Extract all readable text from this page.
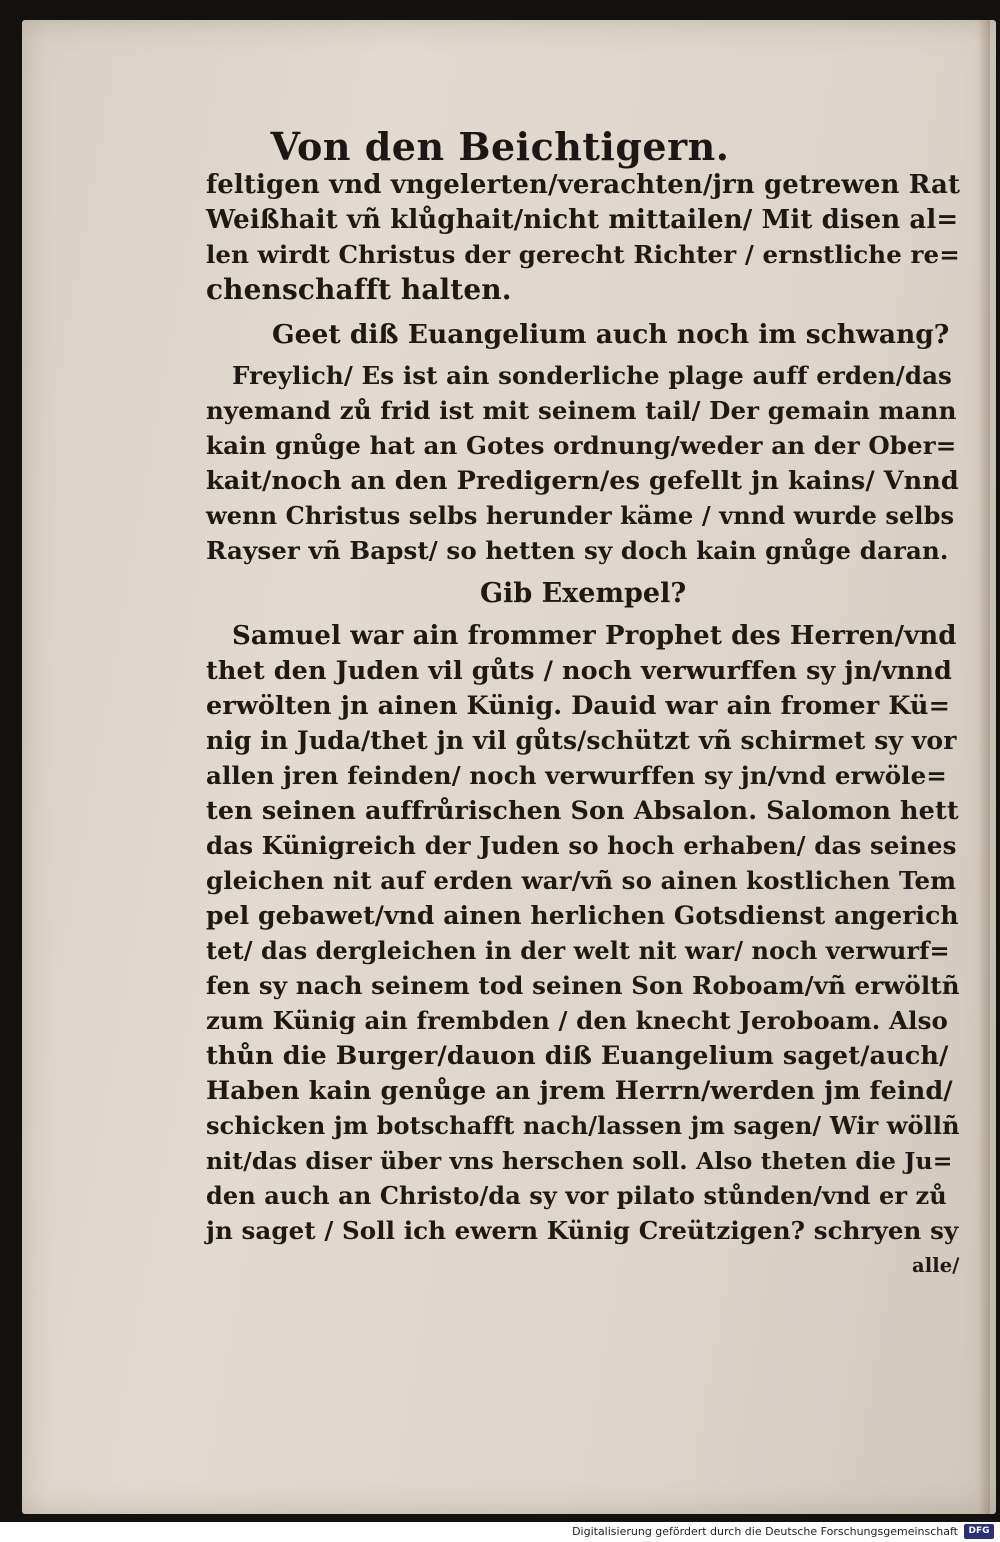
Von den Beichtigern.
feltigen vnd vngelerten/verachten/jrn getrewen Rat
Weißhait vñ klůghait/nicht mittailen/ Mit disen al=
len wirdt Christus der gerecht Richter / ernstliche re=
chenschafft halten.
Geet diß Euangelium auch noch im schwang?
Freylich/ Es ist ain sonderliche plage auff erden/das
nyemand zů frid ist mit seinem tail/ Der gemain mann
kain gnůge hat an Gotes ordnung/weder an der Ober=
kait/noch an den Predigern/es gefellt jn kains/ Vnnd
wenn Christus selbs herunder käme / vnnd wurde selbs
Rayser vñ Bapst/ so hetten sy doch kain gnůge daran.
Gib Exempel?
Samuel war ain frommer Prophet des Herren/vnd
thet den Juden vil gůts / noch verwurffen sy jn/vnnd
erwölten jn ainen Künig. Dauid war ain fromer Kü=
nig in Juda/thet jn vil gůts/schützt vñ schirmet sy vor
allen jren feinden/ noch verwurffen sy jn/vnd erwöle=
ten seinen auffrůrischen Son Absalon. Salomon hett
das Künigreich der Juden so hoch erhaben/ das seines
gleichen nit auf erden war/vñ so ainen kostlichen Tem
pel gebawet/vnd ainen herlichen Gotsdienst angerich
tet/ das dergleichen in der welt nit war/ noch verwurf=
fen sy nach seinem tod seinen Son Roboam/vñ erwöltñ
zum Künig ain frembden / den knecht Jeroboam. Also
thůn die Burger/dauon diß Euangelium saget/auch/
Haben kain genůge an jrem Herrn/werden jm feind/
schicken jm botschafft nach/lassen jm sagen/ Wir wöllñ
nit/das diser über vns herschen soll. Also theten die Ju=
den auch an Christo/da sy vor pilato stůnden/vnd er zů
jn saget / Soll ich ewern Künig Creützigen? schryen sy
alle/
Digitalisierung gefördert durch die Deutsche Forschungsgemeinschaft	DFG
